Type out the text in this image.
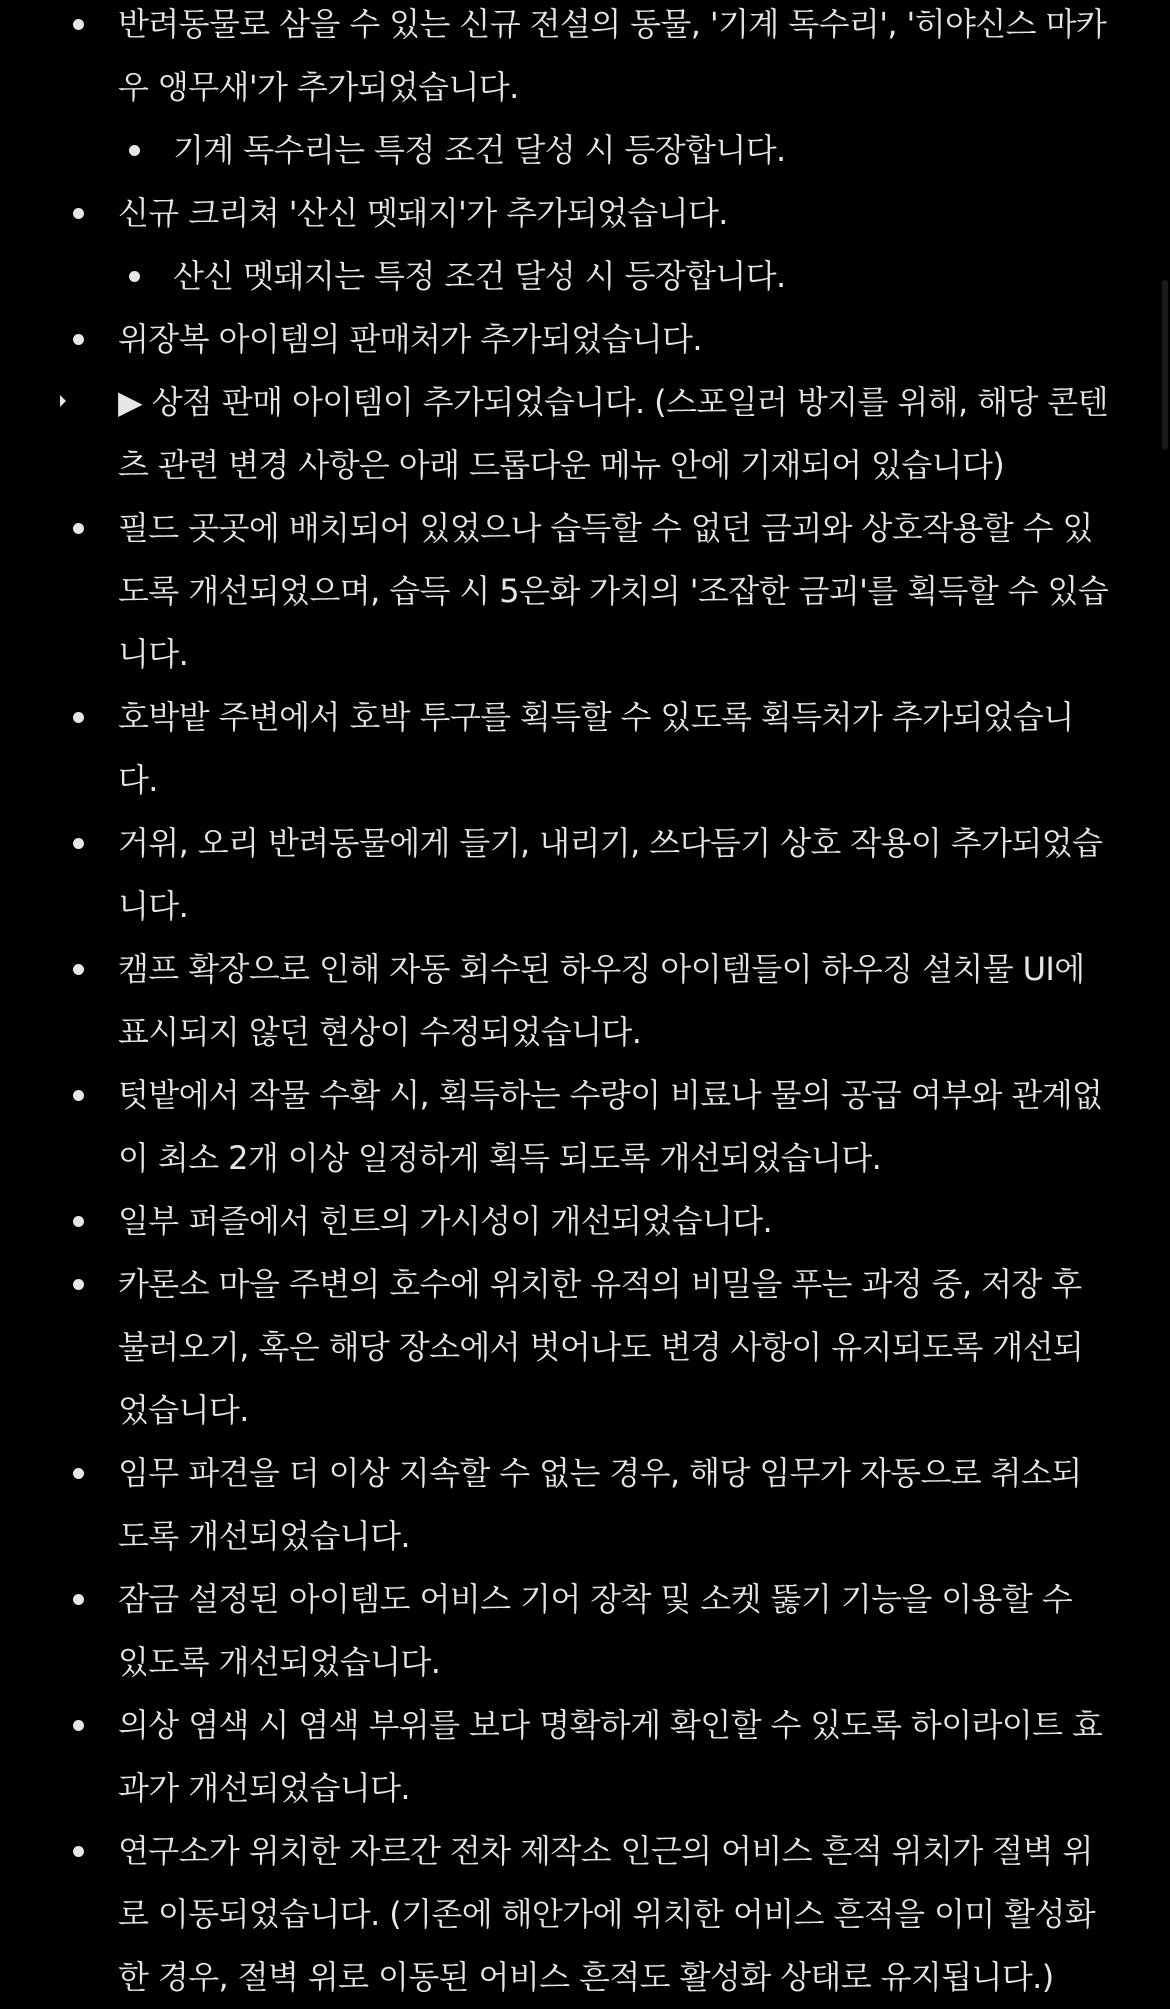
반려동물로 삼을 수 있는 신규 전설의 동물, '기계 독수리', '히야신스 마카우 앵무새'가 추가되었습니다.
기계 독수리는 특정 조건 달성 시 등장합니다.
신규 크리쳐 '산신 멧돼지'가 추가되었습니다.
산신 멧돼지는 특정 조건 달성 시 등장합니다.
위장복 아이템의 판매처가 추가되었습니다.
▶ 상점 판매 아이템이 추가되었습니다. (스포일러 방지를 위해, 해당 콘텐츠 관련 변경 사항은 아래 드롭다운 메뉴 안에 기재되어 있습니다)
필드 곳곳에 배치되어 있었으나 습득할 수 없던 금괴와 상호작용할 수 있도록 개선되었으며, 습득 시 5은화 가치의 '조잡한 금괴'를 획득할 수 있습니다.
호박밭 주변에서 호박 투구를 획득할 수 있도록 획득처가 추가되었습니다.
거위, 오리 반려동물에게 들기, 내리기, 쓰다듬기 상호 작용이 추가되었습니다.
캠프 확장으로 인해 자동 회수된 하우징 아이템들이 하우징 설치물 UI에 표시되지 않던 현상이 수정되었습니다.
텃밭에서 작물 수확 시, 획득하는 수량이 비료나 물의 공급 여부와 관계없이 최소 2개 이상 일정하게 획득 되도록 개선되었습니다.
일부 퍼즐에서 힌트의 가시성이 개선되었습니다.
카론소 마을 주변의 호수에 위치한 유적의 비밀을 푸는 과정 중, 저장 후 불러오기, 혹은 해당 장소에서 벗어나도 변경 사항이 유지되도록 개선되었습니다.
임무 파견을 더 이상 지속할 수 없는 경우, 해당 임무가 자동으로 취소되도록 개선되었습니다.
잠금 설정된 아이템도 어비스 기어 장착 및 소켓 뚫기 기능을 이용할 수 있도록 개선되었습니다.
의상 염색 시 염색 부위를 보다 명확하게 확인할 수 있도록 하이라이트 효과가 개선되었습니다.
연구소가 위치한 자르간 전차 제작소 인근의 어비스 흔적 위치가 절벽 위로 이동되었습니다. (기존에 해안가에 위치한 어비스 흔적을 이미 활성화한 경우, 절벽 위로 이동된 어비스 흔적도 활성화 상태로 유지됩니다.)
